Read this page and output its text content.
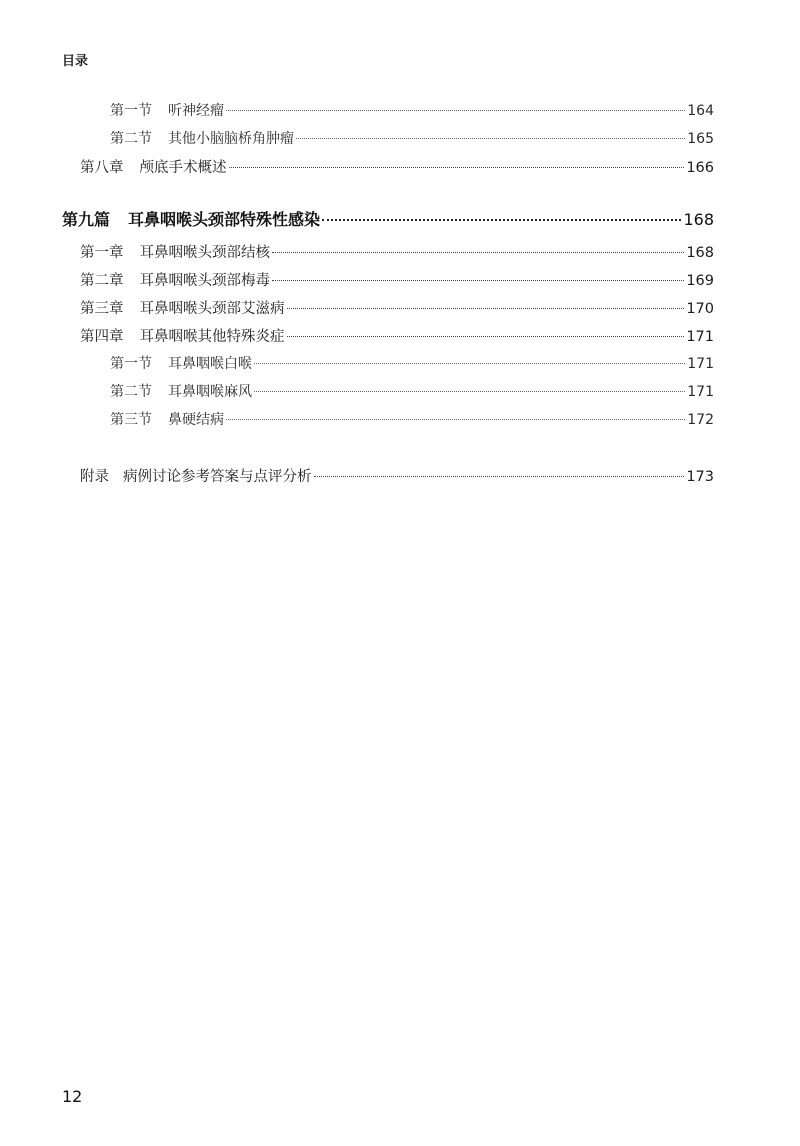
目录
第一节 听神经瘤	164
第二节 其他小脑脑桥角肿瘤	165
第八章 颅底手术概述	166
第九篇 耳鼻咽喉头颈部特殊性感染	168
第一章 耳鼻咽喉头颈部结核	168
第二章 耳鼻咽喉头颈部梅毒	169
第三章 耳鼻咽喉头颈部艾滋病	170
第四章 耳鼻咽喉其他特殊炎症	171
第一节 耳鼻咽喉白喉	171
第二节 耳鼻咽喉麻风	171
第三节 鼻硬结病	172
附录 病例讨论参考答案与点评分析	173
12
